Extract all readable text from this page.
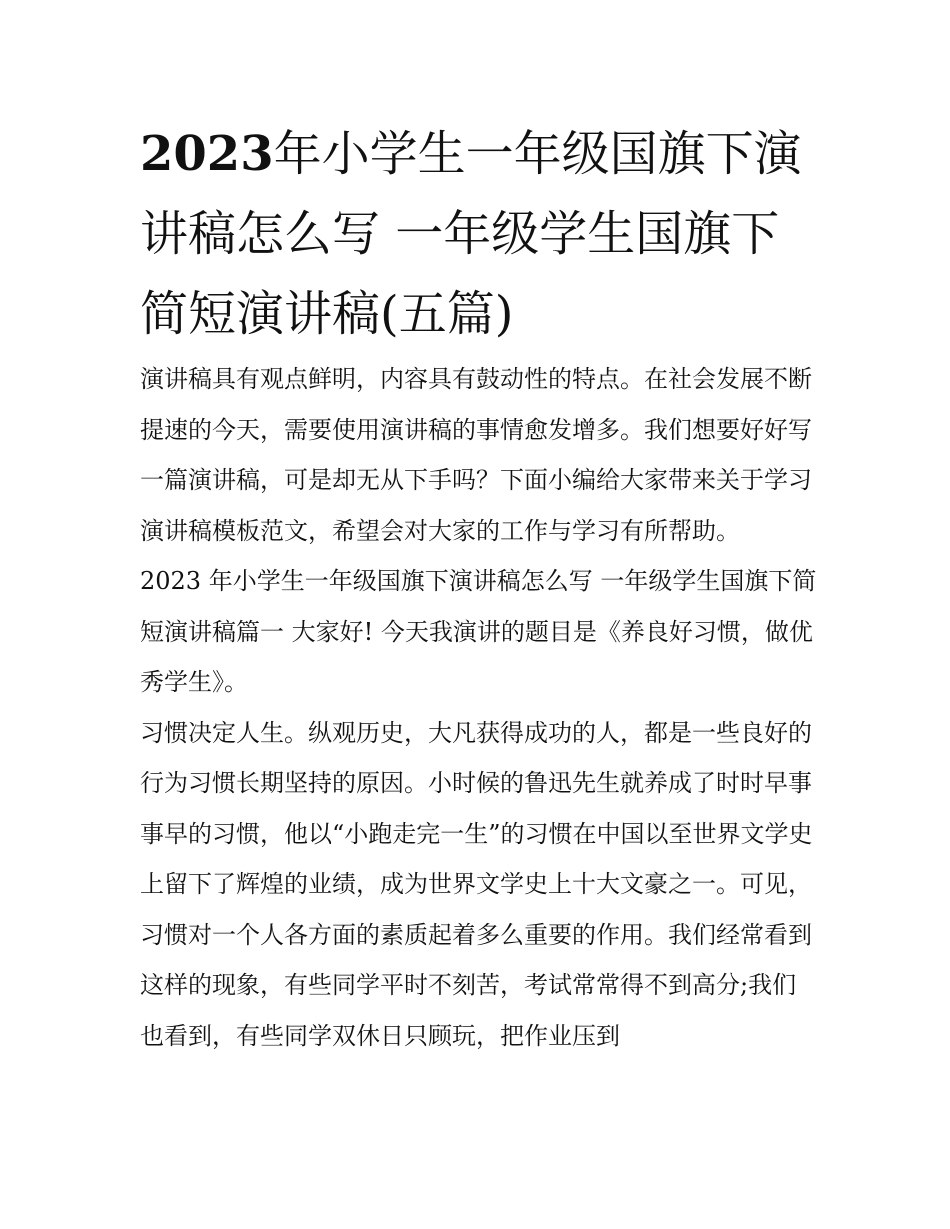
2023年小学生一年级国旗下演讲稿怎么写 一年级学生国旗下简短演讲稿(五篇)

演讲稿具有观点鲜明，内容具有鼓动性的特点。在社会发展不断提速的今天，需要使用演讲稿的事情愈发增多。我们想要好好写一篇演讲稿，可是却无从下手吗？下面小编给大家带来关于学习演讲稿模板范文，希望会对大家的工作与学习有所帮助。

2023 年小学生一年级国旗下演讲稿怎么写 一年级学生国旗下简短演讲稿篇一 大家好! 今天我演讲的题目是《养良好习惯，做优秀学生》。

习惯决定人生。纵观历史，大凡获得成功的人，都是一些良好的行为习惯长期坚持的原因。小时候的鲁迅先生就养成了时时早事事早的习惯，他以“小跑走完一生”的习惯在中国以至世界文学史上留下了辉煌的业绩，成为世界文学史上十大文豪之一。可见，习惯对一个人各方面的素质起着多么重要的作用。我们经常看到这样的现象，有些同学平时不刻苦，考试常常得不到高分;我们也看到，有些同学双休日只顾玩，把作业压到
